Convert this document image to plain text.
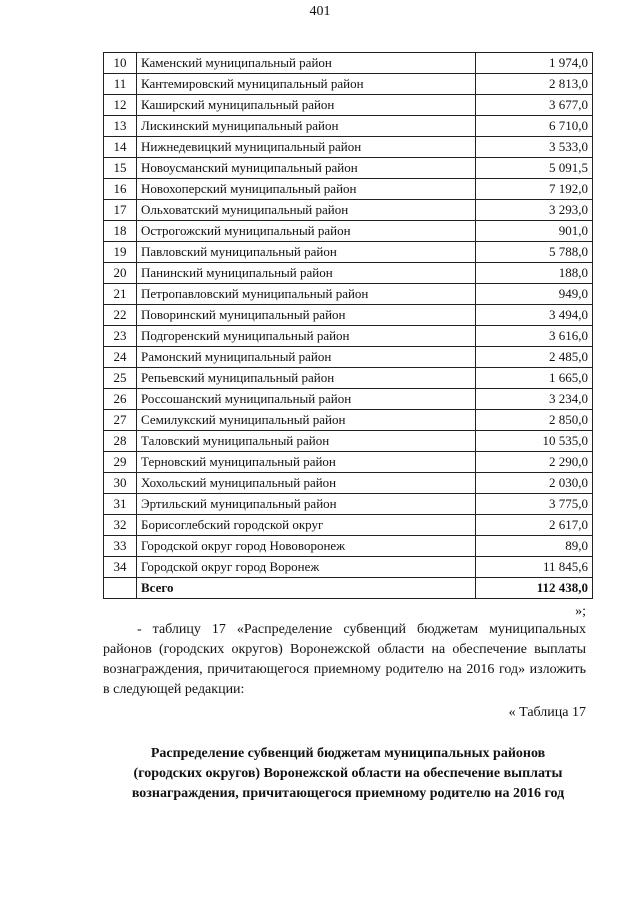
401
10	Каменский муниципальный район	1 974,0
11	Кантемировский муниципальный район	2 813,0
12	Каширский муниципальный район	3 677,0
13	Лискинский муниципальный район	6 710,0
14	Нижнедевицкий муниципальный район	3 533,0
15	Новоусманский муниципальный район	5 091,5
16	Новохоперский муниципальный район	7 192,0
17	Ольховатский муниципальный район	3 293,0
18	Острогожский муниципальный район	901,0
19	Павловский муниципальный район	5 788,0
20	Панинский муниципальный район	188,0
21	Петропавловский муниципальный район	949,0
22	Поворинский муниципальный район	3 494,0
23	Подгоренский муниципальный район	3 616,0
24	Рамонский муниципальный район	2 485,0
25	Репьевский муниципальный район	1 665,0
26	Россошанский муниципальный район	3 234,0
27	Семилукский муниципальный район	2 850,0
28	Таловский муниципальный район	10 535,0
29	Терновский муниципальный район	2 290,0
30	Хохольский муниципальный район	2 030,0
31	Эртильский муниципальный район	3 775,0
32	Борисоглебский городской округ	2 617,0
33	Городской округ город Нововоронеж	89,0
34	Городской округ город Воронеж	11 845,6
	Всего	112 438,0
»;
- таблицу 17 «Распределение субвенций бюджетам муниципальных районов (городских округов) Воронежской области на обеспечение выплаты вознаграждения, причитающегося приемному родителю на 2016 год» изложить в следующей редакции:
« Таблица 17
Распределение субвенций бюджетам муниципальных районов (городских округов) Воронежской области на обеспечение выплаты вознаграждения, причитающегося приемному родителю на 2016 год
